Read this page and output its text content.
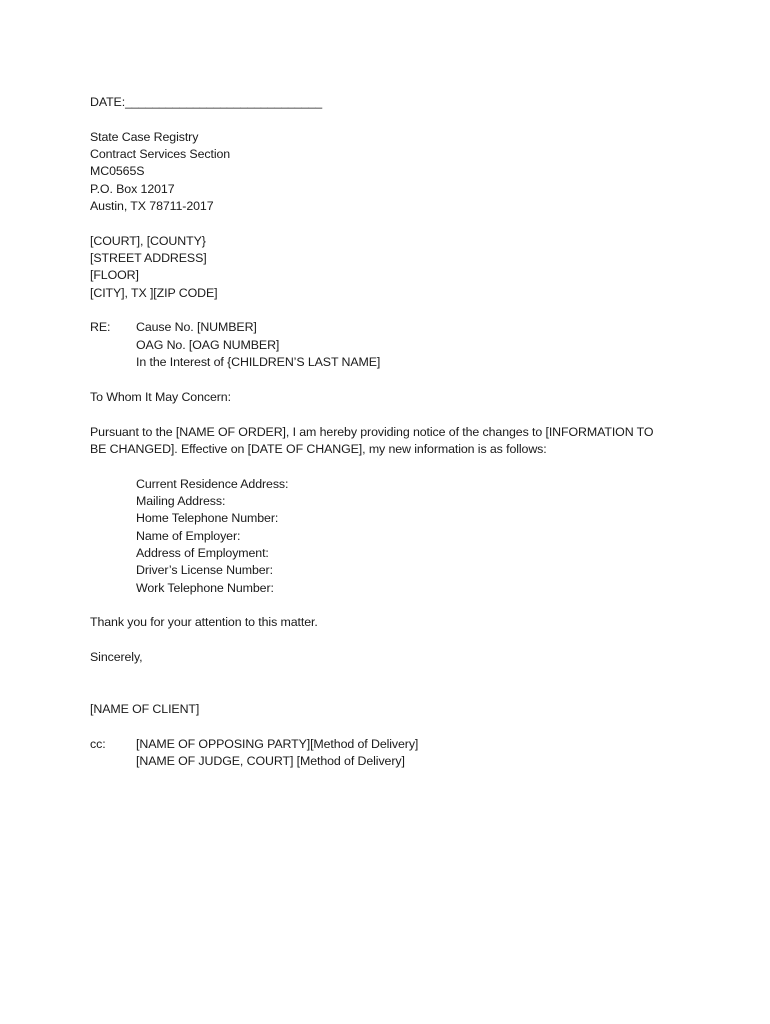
DATE:_____________________________
State Case Registry
Contract Services Section
MC0565S
P.O. Box 12017
Austin, TX 78711-2017
[COURT], [COUNTY}
[STREET ADDRESS]
[FLOOR]
[CITY], TX ][ZIP CODE]
RE:	Cause No. [NUMBER]
OAG No. [OAG NUMBER]
In the Interest of {CHILDREN’S LAST NAME]
To Whom It May Concern:
Pursuant to the [NAME OF ORDER], I am hereby providing notice of the changes to [INFORMATION TO
BE CHANGED]. Effective on [DATE OF CHANGE], my new information is as follows:
Current Residence Address:
Mailing Address:
Home Telephone Number:
Name of Employer:
Address of Employment:
Driver’s License Number:
Work Telephone Number:
Thank you for your attention to this matter.
Sincerely,
[NAME OF CLIENT]
cc:	[NAME OF OPPOSING PARTY][Method of Delivery]
[NAME OF JUDGE, COURT] [Method of Delivery]
